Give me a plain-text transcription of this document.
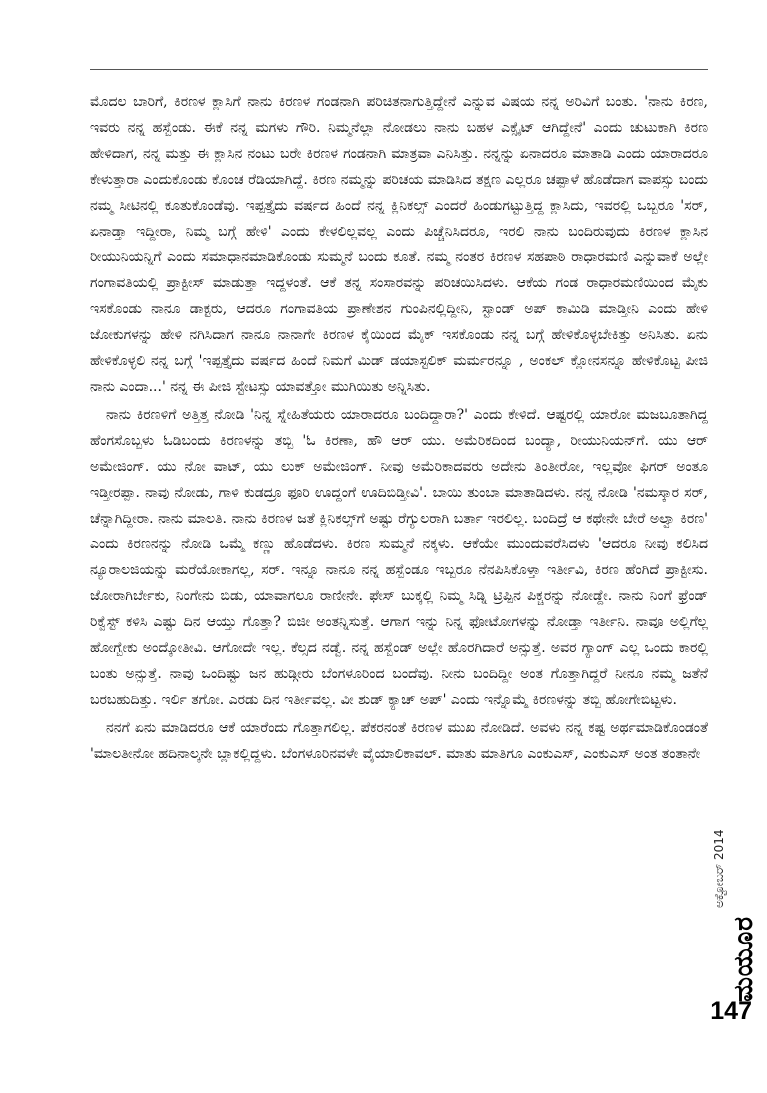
ಮೊದಲ ಬಾರಿಗೆ, ಕಿರಣಳ ಕ್ಲಾಸಿಗೆ ನಾನು ಕಿರಣಳ ಗಂಡನಾಗಿ ಪರಿಚಿತನಾಗುತ್ತಿದ್ದೇನೆ ಎನ್ನುವ ವಿಷಯ ನನ್ನ ಅರಿವಿಗೆ ಬಂತು. 'ನಾನು ಕಿರಣ, ಇವರು ನನ್ನ ಹಸ್ಬೆಂಡು. ಈಕೆ ನನ್ನ ಮಗಳು ಗೌರಿ. ನಿಮ್ಮನೆಲ್ಲಾ ನೋಡಲು ನಾನು ಬಹಳ ಎಕ್ಸೈಟ್ ಆಗಿದ್ದೇನೆ' ಎಂದು ಚುಟುಕಾಗಿ ಕಿರಣ ಹೇಳಿದಾಗ, ನನ್ನ ಮತ್ತು ಈ ಕ್ಲಾಸಿನ ನಂಟು ಬರೇ ಕಿರಣಳ ಗಂಡನಾಗಿ ಮಾತ್ರವಾ ಎನಿಸಿತ್ತು. ನನ್ನನ್ನು ಏನಾದರೂ ಮಾತಾಡಿ ಎಂದು ಯಾರಾದರೂ ಕೇಳುತ್ತಾರಾ ಎಂದುಕೊಂಡು ಕೊಂಚ ರೆಡಿಯಾಗಿದ್ದೆ. ಕಿರಣ ನಮ್ಮನ್ನು ಪರಿಚಯ ಮಾಡಿಸಿದ ತಕ್ಷಣ ಎಲ್ಲರೂ ಚಪ್ಪಾಳೆ ಹೊಡೆದಾಗ ವಾಪಸ್ಸು ಬಂದು ನಮ್ಮ ಸೀಟಿನಲ್ಲಿ ಕೂತುಕೊಂಡೆವು. ಇಪ್ಪತ್ತೈದು ವರ್ಷದ ಹಿಂದೆ ನನ್ನ ಕ್ಲಿನಿಕಲ್ಸ್ ಎಂದರೆ ಹಿಂಡುಗಟ್ಟುತ್ತಿದ್ದ ಕ್ಲಾಸಿದು, ಇವರಲ್ಲಿ ಒಬ್ಬರೂ 'ಸರ್, ಏನಾಡ್ತಾ ಇದ್ದೀರಾ, ನಿಮ್ಮ ಬಗ್ಗೆ ಹೇಳಿ' ಎಂದು ಕೇಳಲಿಲ್ಲವಲ್ಲ ಎಂದು ಪಿಚ್ಚೆನಿಸಿದರೂ, ಇರಲಿ ನಾನು ಬಂದಿರುವುದು ಕಿರಣಳ ಕ್ಲಾಸಿನ ರೀಯುನಿಯನ್ನಿಗೆ ಎಂದು ಸಮಾಧಾನಮಾಡಿಕೊಂಡು ಸುಮ್ಮನೆ ಬಂದು ಕೂತೆ. ನಮ್ಮ ನಂತರ ಕಿರಣಳ ಸಹಪಾಠಿ ರಾಧಾರಮಣಿ ಎನ್ನುವಾಕೆ ಅಲ್ಲೇ ಗಂಗಾವತಿಯಲ್ಲಿ ಪ್ರಾಕ್ಟೀಸ್ ಮಾಡುತ್ತಾ ಇದ್ದಳಂತೆ. ಆಕೆ ತನ್ನ ಸಂಸಾರವನ್ನು ಪರಿಚಯಿಸಿದಳು. ಆಕೆಯ ಗಂಡ ರಾಧಾರಮಣಿಯಿಂದ ಮೈಕು ಇಸಕೊಂಡು ನಾನೂ ಡಾಕ್ಟರು, ಆದರೂ ಗಂಗಾವತಿಯ ಪ್ರಾಣೇಶನ ಗುಂಪಿನಲ್ಲಿದ್ದೀನಿ, ಸ್ಟಾಂಡ್ ಅಪ್ ಕಾಮಿಡಿ ಮಾಡ್ತೀನಿ ಎಂದು ಹೇಳಿ ಜೋಕುಗಳನ್ನು ಹೇಳಿ ನಗಿಸಿದಾಗ ನಾನೂ ನಾನಾಗೇ ಕಿರಣಳ ಕೈಯಿಂದ ಮೈಕ್ ಇಸಕೊಂಡು ನನ್ನ ಬಗ್ಗೆ ಹೇಳಿಕೊಳ್ಳಬೇಕಿತ್ತು ಅನಿಸಿತು. ಏನು ಹೇಳಿಕೊಳ್ಳಲಿ ನನ್ನ ಬಗ್ಗೆ 'ಇಪ್ಪತ್ತೈದು ವರ್ಷದ ಹಿಂದೆ ನಿಮಗೆ ಮಿಡ್ ಡಯಾಸ್ಟಲಿಕ್ ಮರ್ಮರನ್ನೂ , ಅಂಕಲ್ ಕ್ಲೋನಸನ್ನೂ ಹೇಳಿಕೊಟ್ಟ ಪೀಜಿ ನಾನು ಎಂದಾ...' ನನ್ನ ಈ ಪೀಜಿ ಸ್ಟೇಟಸ್ಸು ಯಾವತ್ತೋ ಮುಗಿಯಿತು ಅನ್ನಿಸಿತು.

ನಾನು ಕಿರಣಳಿಗೆ ಅತ್ತಿತ್ತ ನೋಡಿ 'ನಿನ್ನ ಸ್ನೇಹಿತೆಯರು ಯಾರಾದರೂ ಬಂದಿದ್ದಾರಾ?' ಎಂದು ಕೇಳಿದೆ. ಆಷ್ಟರಲ್ಲಿ ಯಾರೋ ಮಜಬೂತಾಗಿದ್ದ ಹೆಂಗಸೊಬ್ಬಳು ಓಡಿಬಂದು ಕಿರಣಳನ್ನು ತಬ್ಬಿ 'ಓ ಕಿರಣಾ, ಹೌ ಆರ್ ಯು. ಅಮೆರಿಕದಿಂದ ಬಂದ್ಯಾ, ರೀಯುನಿಯನ್‌ಗೆ. ಯು ಆರ್ ಅಮೇಜಿಂಗ್. ಯು ನೋ ವಾಟ್, ಯು ಲುಕ್ ಅಮೇಜಿಂಗ್. ನೀವು ಅಮೆರಿಕಾದವರು ಅದೇನು ತಿಂತೀರೋ, ಇಲ್ಲವೋ ಫಿಗರ್ ಅಂತೂ ಇಡ್ತೀರಪ್ಪಾ. ನಾವು ನೋಡು, ಗಾಳಿ ಕುಡದ್ರೂ ಫೂರಿ ಊದ್ದಂಗೆ ಊದಿಬಿಡ್ತೀವಿ'. ಬಾಯಿ ತುಂಬಾ ಮಾತಾಡಿದಳು. ನನ್ನ ನೋಡಿ 'ನಮಸ್ಕಾರ ಸರ್, ಚೆನ್ನಾಗಿದ್ದೀರಾ. ನಾನು ಮಾಲತಿ. ನಾನು ಕಿರಣಳ ಜತೆ ಕ್ಲಿನಿಕಲ್ಸ್‌ಗೆ ಅಷ್ಟು ರೆಗ್ಯುಲರಾಗಿ ಬರ್ತಾ ಇರಲಿಲ್ಲ. ಬಂದಿದ್ರೆ ಆ ಕಥೇನೇ ಬೇರೆ ಅಲ್ವಾ ಕಿರಣ' ಎಂದು ಕಿರಣನನ್ನು ನೋಡಿ ಒಮ್ಮೆ ಕಣ್ಣು ಹೊಡೆದಳು. ಕಿರಣ ಸುಮ್ಮನೆ ನಕ್ಕಳು. ಆಕೆಯೇ ಮುಂದುವರೆಸಿದಳು 'ಆದರೂ ನೀವು ಕಲಿಸಿದ ನ್ಯೂರಾಲಜಿಯನ್ನು ಮರೆಯೋಕಾಗಲ್ಲ, ಸರ್. ಇನ್ನೂ ನಾನೂ ನನ್ನ ಹಸ್ಬೆಂಡೂ ಇಬ್ಬರೂ ನೆನಪಿಸಿಕೊಳ್ತಾ ಇರ್ತೀವಿ, ಕಿರಣ ಹೆಂಗಿದೆ ಪ್ರಾಕ್ಟೀಸು. ಜೋರಾಗಿರ್ಬೇಕು, ನಿಂಗೇನು ಬಿಡು, ಯಾವಾಗಲೂ ರಾಣೀನೇ. ಫೇಸ್ ಬುಕ್ಕಲ್ಲಿ ನಿಮ್ಮ ಸಿಡ್ನಿ ಟ್ರಿಪ್ಪಿನ ಪಿಕ್ಚರನ್ನು ನೋಡ್ದೇ. ನಾನು ನಿಂಗೆ ಫ್ರೆಂಡ್ ರಿಕ್ವೆಸ್ಟ್ ಕಳಿಸಿ ಎಷ್ಟು ದಿನ ಆಯ್ತು ಗೊತ್ತಾ? ಬಿಜೀ ಅಂತನ್ನಿಸುತ್ತೆ. ಆಗಾಗ ಇನ್ನು ನಿನ್ನ ಫೋಟೋಗಳನ್ನು ನೋಡ್ತಾ ಇರ್ತೀನಿ. ನಾವೂ ಅಲ್ಲಿಗೆಲ್ಲ ಹೋಗ್ಬೇಕು ಅಂದ್ಕೋತೀವಿ. ಆಗೋದೇ ಇಲ್ಲ. ಕೆಲ್ಸದ ನಡ್ವೆ. ನನ್ನ ಹಸ್ಬೆಂಡ್ ಅಲ್ಲೇ ಹೊರಗಿದಾರೆ ಅನ್ಸುತ್ತೆ. ಅವರ ಗ್ಯಾಂಗ್ ಎಲ್ಲ ಒಂದು ಕಾರಲ್ಲಿ ಬಂತು ಅನ್ಸುತ್ತೆ. ನಾವು ಒಂದಿಷ್ಟು ಜನ ಹುಡ್ಗೀರು ಬೆಂಗಳೂರಿಂದ ಬಂದೆವು. ನೀನು ಬಂದಿದ್ದೀ ಅಂತ ಗೊತ್ತಾಗಿದ್ದರೆ ನೀನೂ ನಮ್ಮ ಜತೆನೆ ಬರಬಹುದಿತ್ತು. ಇರ್ಲಿ ತಗೋ. ಎರಡು ದಿನ ಇರ್ತೀವಲ್ಲ. ವೀ ಶುಡ್ ಕ್ಯಾಚ್ ಅಪ್' ಎಂದು ಇನ್ನೊಮ್ಮೆ ಕಿರಣಳನ್ನು ತಬ್ಬಿ ಹೋಗೇಬಿಟ್ಟಳು.

ನನಗೆ ಏನು ಮಾಡಿದರೂ ಆಕೆ ಯಾರೆಂದು ಗೊತ್ತಾಗಲಿಲ್ಲ. ಪೆಕರನಂತೆ ಕಿರಣಳ ಮುಖ ನೋಡಿದೆ. ಅವಳು ನನ್ನ ಕಷ್ಟ ಅರ್ಥಮಾಡಿಕೊಂಡಂತೆ 'ಮಾಲತೀನೋ ಹದಿನಾಲ್ಕನೇ ಬ್ಲಾಕಲ್ಲಿದ್ದಳು. ಬೆಂಗಳೂರಿನವಳೇ ವೈಯಾಲಿಕಾವಲ್. ಮಾತು ಮಾತಿಗೂ ಎಂಕುಎಸ್, ಎಂಕುಎಸ್ ಅಂತ ತಂತಾನೇ

ಅಕ್ಟೋಬರ್ 2014
ಮಯೂರ
147
